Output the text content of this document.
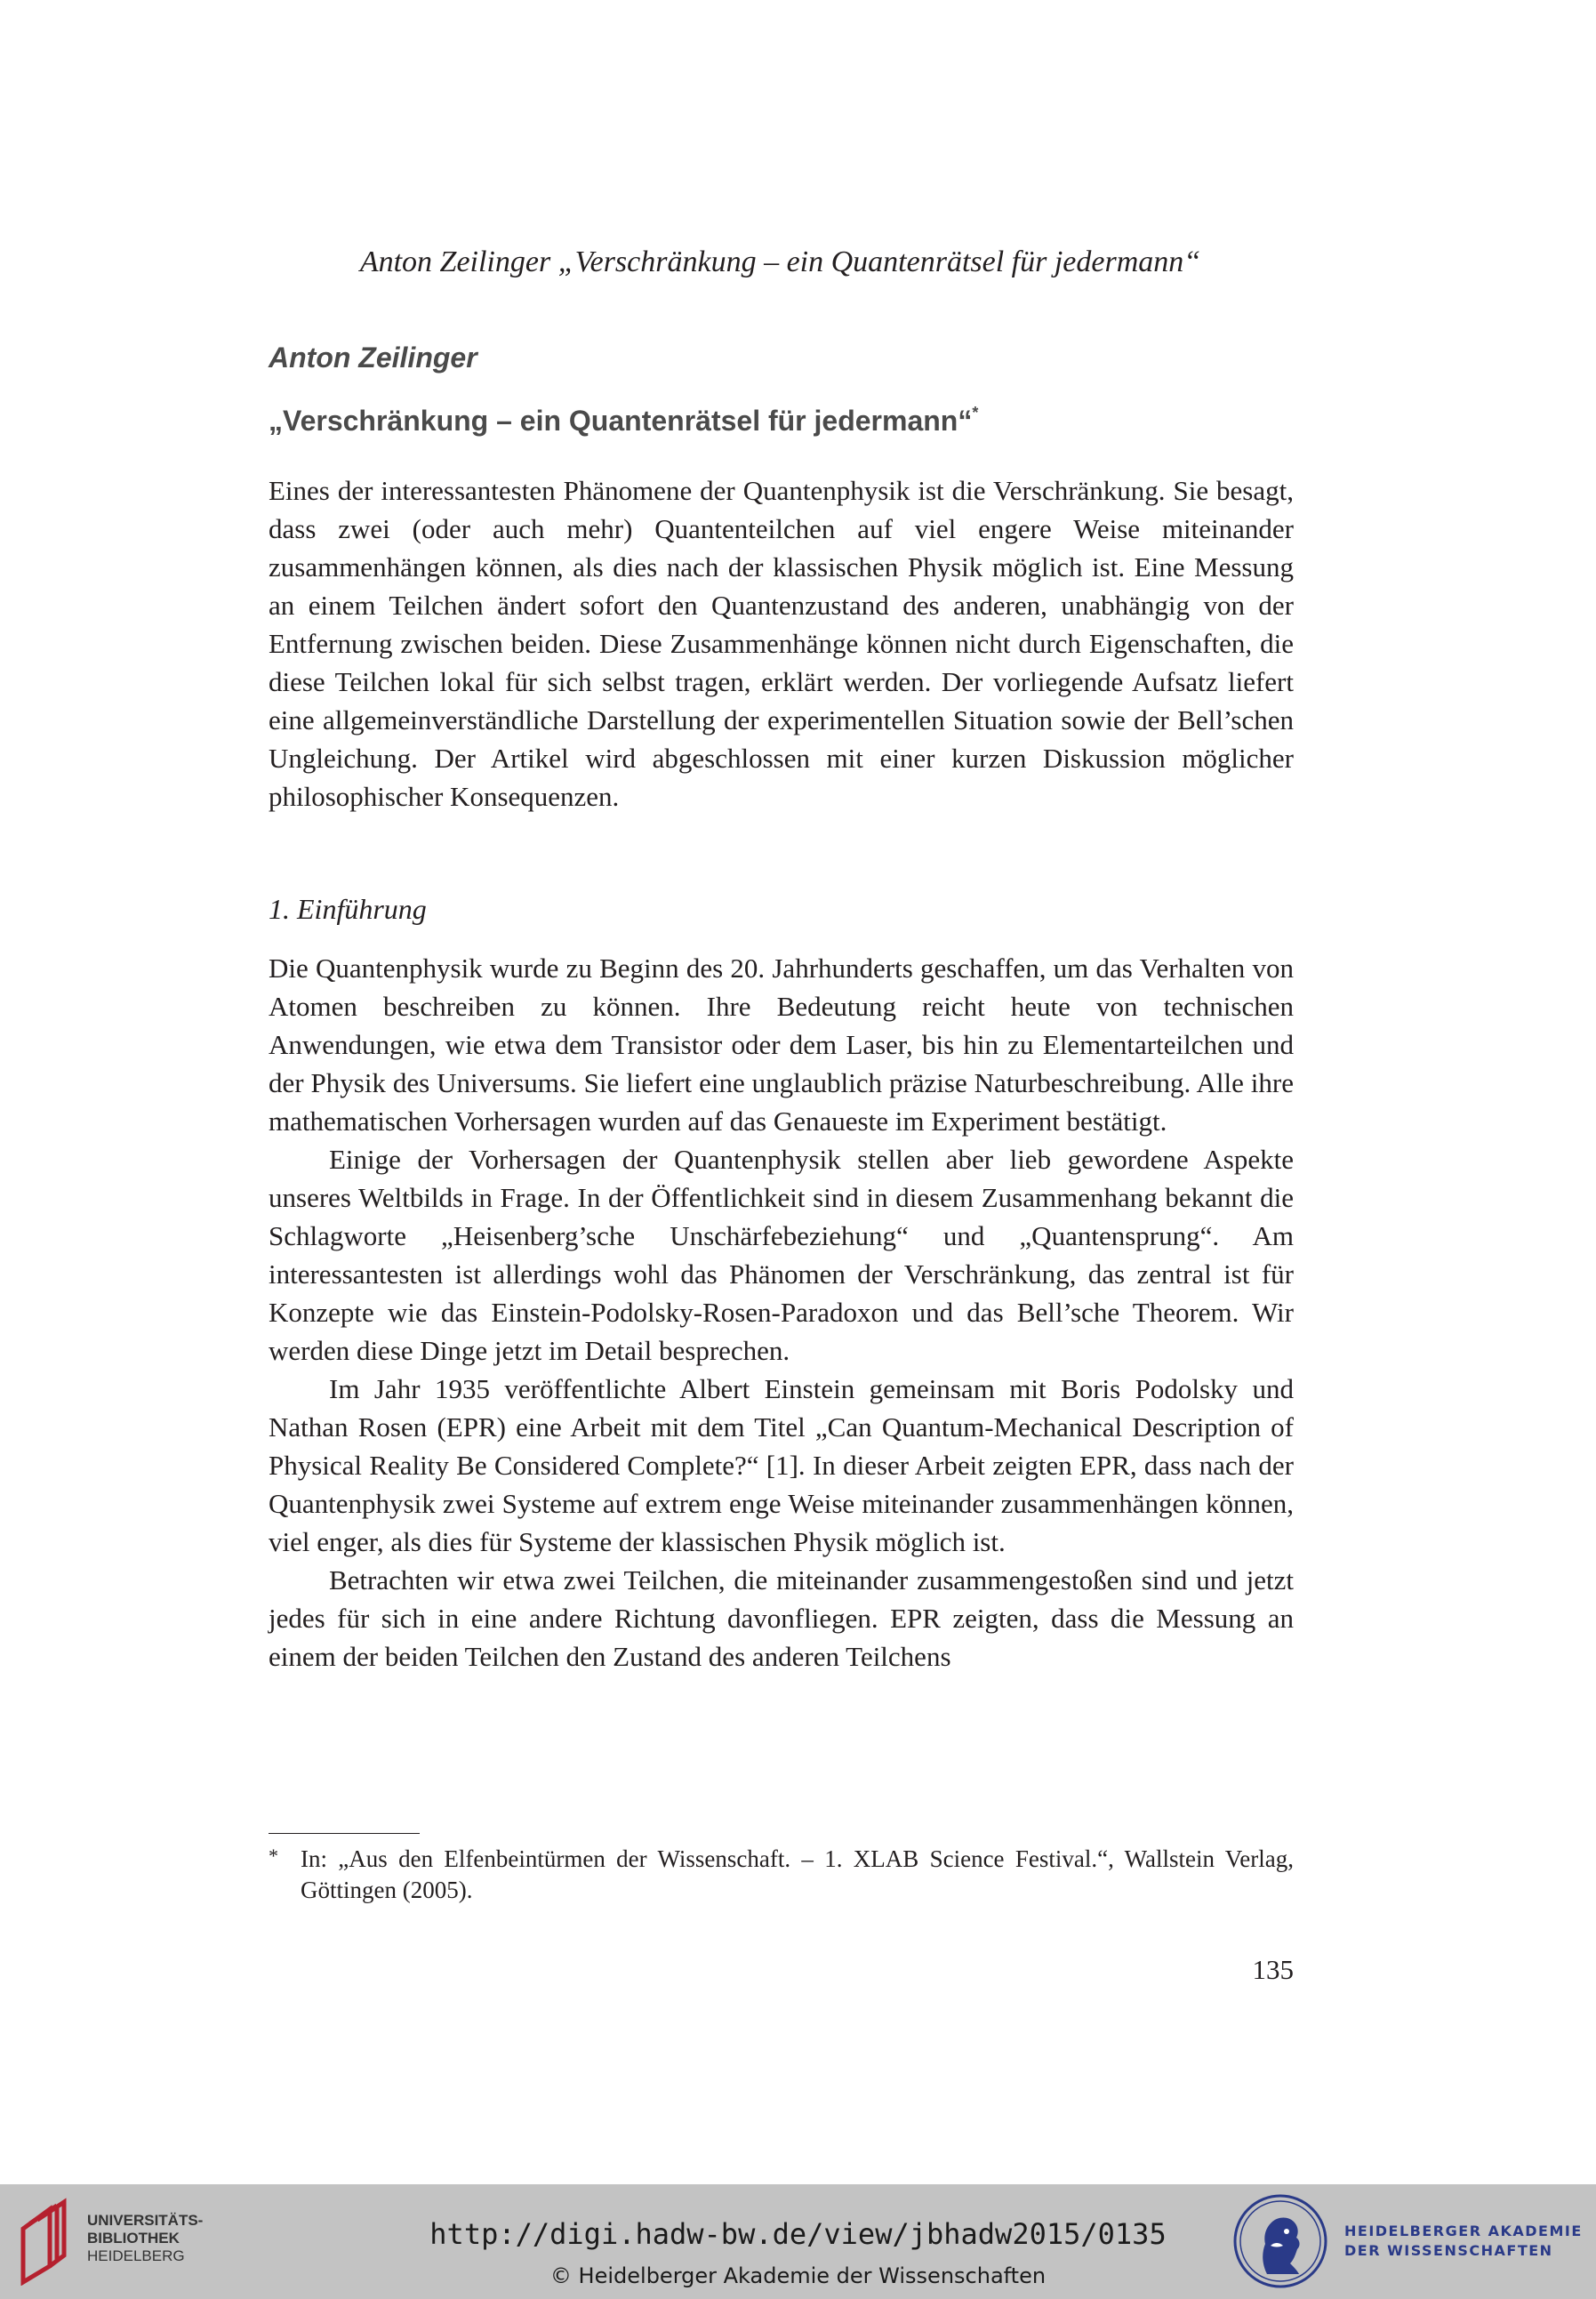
Anton Zeilinger „Verschränkung – ein Quantenrätsel für jedermann“
Anton Zeilinger
„Verschränkung – ein Quantenrätsel für jedermann“*

Eines der interessantesten Phänomene der Quantenphysik ist die Verschränkung. Sie besagt, dass zwei (oder auch mehr) Quantenteilchen auf viel engere Weise miteinander zusammenhängen können, als dies nach der klassischen Physik möglich ist. Eine Messung an einem Teilchen ändert sofort den Quantenzustand des anderen, unabhängig von der Entfernung zwischen beiden. Diese Zusammenhänge können nicht durch Eigenschaften, die diese Teilchen lokal für sich selbst tragen, erklärt werden. Der vorliegende Aufsatz liefert eine allgemeinverständliche Darstellung der experimentellen Situation sowie der Bell’schen Ungleichung. Der Artikel wird abgeschlossen mit einer kurzen Diskussion möglicher philosophischer Konsequenzen.

1. Einführung

Die Quantenphysik wurde zu Beginn des 20. Jahrhunderts geschaffen, um das Verhalten von Atomen beschreiben zu können. Ihre Bedeutung reicht heute von technischen Anwendungen, wie etwa dem Transistor oder dem Laser, bis hin zu Elementarteilchen und der Physik des Universums. Sie liefert eine unglaublich präzise Naturbeschreibung. Alle ihre mathematischen Vorhersagen wurden auf das Genaueste im Experiment bestätigt.

Einige der Vorhersagen der Quantenphysik stellen aber lieb gewordene Aspekte unseres Weltbilds in Frage. In der Öffentlichkeit sind in diesem Zusammenhang bekannt die Schlagworte „Heisenberg’sche Unschärfebeziehung“ und „Quantensprung“. Am interessantesten ist allerdings wohl das Phänomen der Verschränkung, das zentral ist für Konzepte wie das Einstein-Podolsky-Rosen-Paradoxon und das Bell’sche Theorem. Wir werden diese Dinge jetzt im Detail besprechen.

Im Jahr 1935 veröffentlichte Albert Einstein gemeinsam mit Boris Podolsky und Nathan Rosen (EPR) eine Arbeit mit dem Titel „Can Quantum-Mechanical Description of Physical Reality Be Considered Complete?“ [1]. In dieser Arbeit zeigten EPR, dass nach der Quantenphysik zwei Systeme auf extrem enge Weise miteinander zusammenhängen können, viel enger, als dies für Systeme der klassischen Physik möglich ist.

Betrachten wir etwa zwei Teilchen, die miteinander zusammengestoßen sind und jetzt jedes für sich in eine andere Richtung davonfliegen. EPR zeigten, dass die Messung an einem der beiden Teilchen den Zustand des anderen Teilchens

* In: „Aus den Elfenbeintürmen der Wissenschaft. – 1. XLAB Science Festival.“, Wallstein Verlag, Göttingen (2005).
135
UNIVERSITÄTS-
BIBLIOTHEK
HEIDELBERG
http://digi.hadw-bw.de/view/jbhadw2015/0135
© Heidelberger Akademie der Wissenschaften
HEIDELBERGER AKADEMIE
DER WISSENSCHAFTEN
